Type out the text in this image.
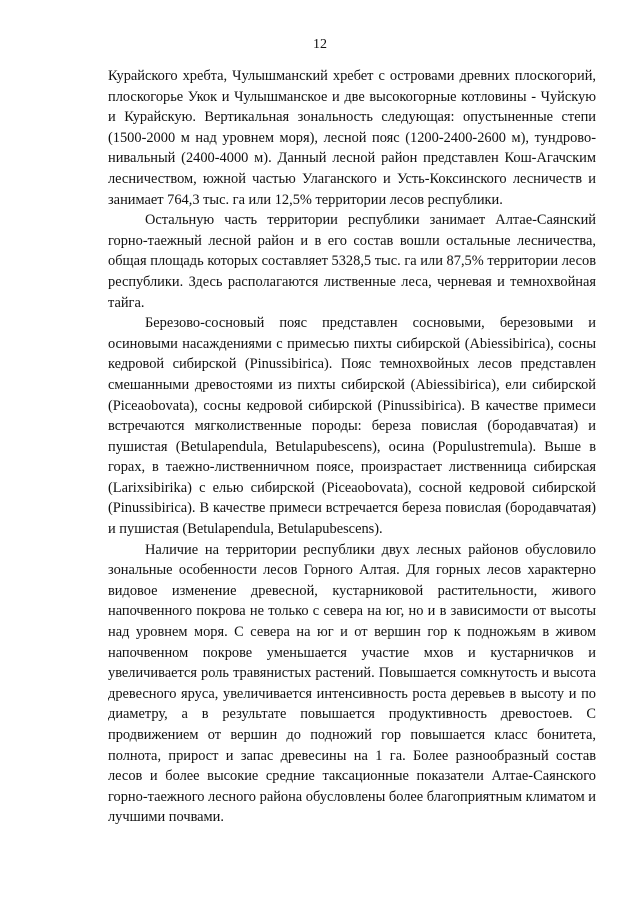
12

Курайского хребта, Чулышманский хребет с островами древних плоскогорий, плоскогорье Укок и Чулышманское и две высокогорные котловины - Чуйскую и Курайскую. Вертикальная зональность следующая: опустыненные степи (1500-2000 м над уровнем моря), лесной пояс (1200-2400-2600 м), тундрово-нивальный (2400-4000 м). Данный лесной район представлен Кош-Агачским лесничеством, южной частью Улаганского и Усть-Коксинского лесничеств и занимает 764,3 тыс. га или 12,5% территории лесов республики.

Остальную часть территории республики занимает Алтае-Саянский горно-таежный лесной район и в его состав вошли остальные лесничества, общая площадь которых составляет 5328,5 тыс. га или 87,5% территории лесов республики. Здесь располагаются лиственные леса, черневая и темнохвойная тайга.

Березово-сосновый пояс представлен сосновыми, березовыми и осиновыми насаждениями с примесью пихты сибирской (Abiessibirica), сосны кедровой сибирской (Pinussibirica). Пояс темнохвойных лесов представлен смешанными древостоями из пихты сибирской (Abiessibirica), ели сибирской (Piceaobovata), сосны кедровой сибирской (Pinussibirica). В качестве примеси встречаются мягколиственные породы: береза повислая (бородавчатая) и пушистая (Betulapendula, Betulapubescens), осина (Populustremula). Выше в горах, в таежно-лиственничном поясе, произрастает лиственница сибирская (Larixsibirika) с елью сибирской (Piceaobovata), сосной кедровой сибирской (Pinussibirica). В качестве примеси встречается береза повислая (бородавчатая) и пушистая (Betulapendula, Betulapubescens).

Наличие на территории республики двух лесных районов обусловило зональные особенности лесов Горного Алтая. Для горных лесов характерно видовое изменение древесной, кустарниковой растительности, живого напочвенного покрова не только с севера на юг, но и в зависимости от высоты над уровнем моря. С севера на юг и от вершин гор к подножьям в живом напочвенном покрове уменьшается участие мхов и кустарничков и увеличивается роль травянистых растений. Повышается сомкнутость и высота древесного яруса, увеличивается интенсивность роста деревьев в высоту и по диаметру, а в результате повышается продуктивность древостоев. С продвижением от вершин до подножий гор повышается класс бонитета, полнота, прирост и запас древесины на 1 га. Более разнообразный состав лесов и более высокие средние таксационные показатели Алтае-Саянского горно-таежного лесного района обусловлены более благоприятным климатом и лучшими почвами.
